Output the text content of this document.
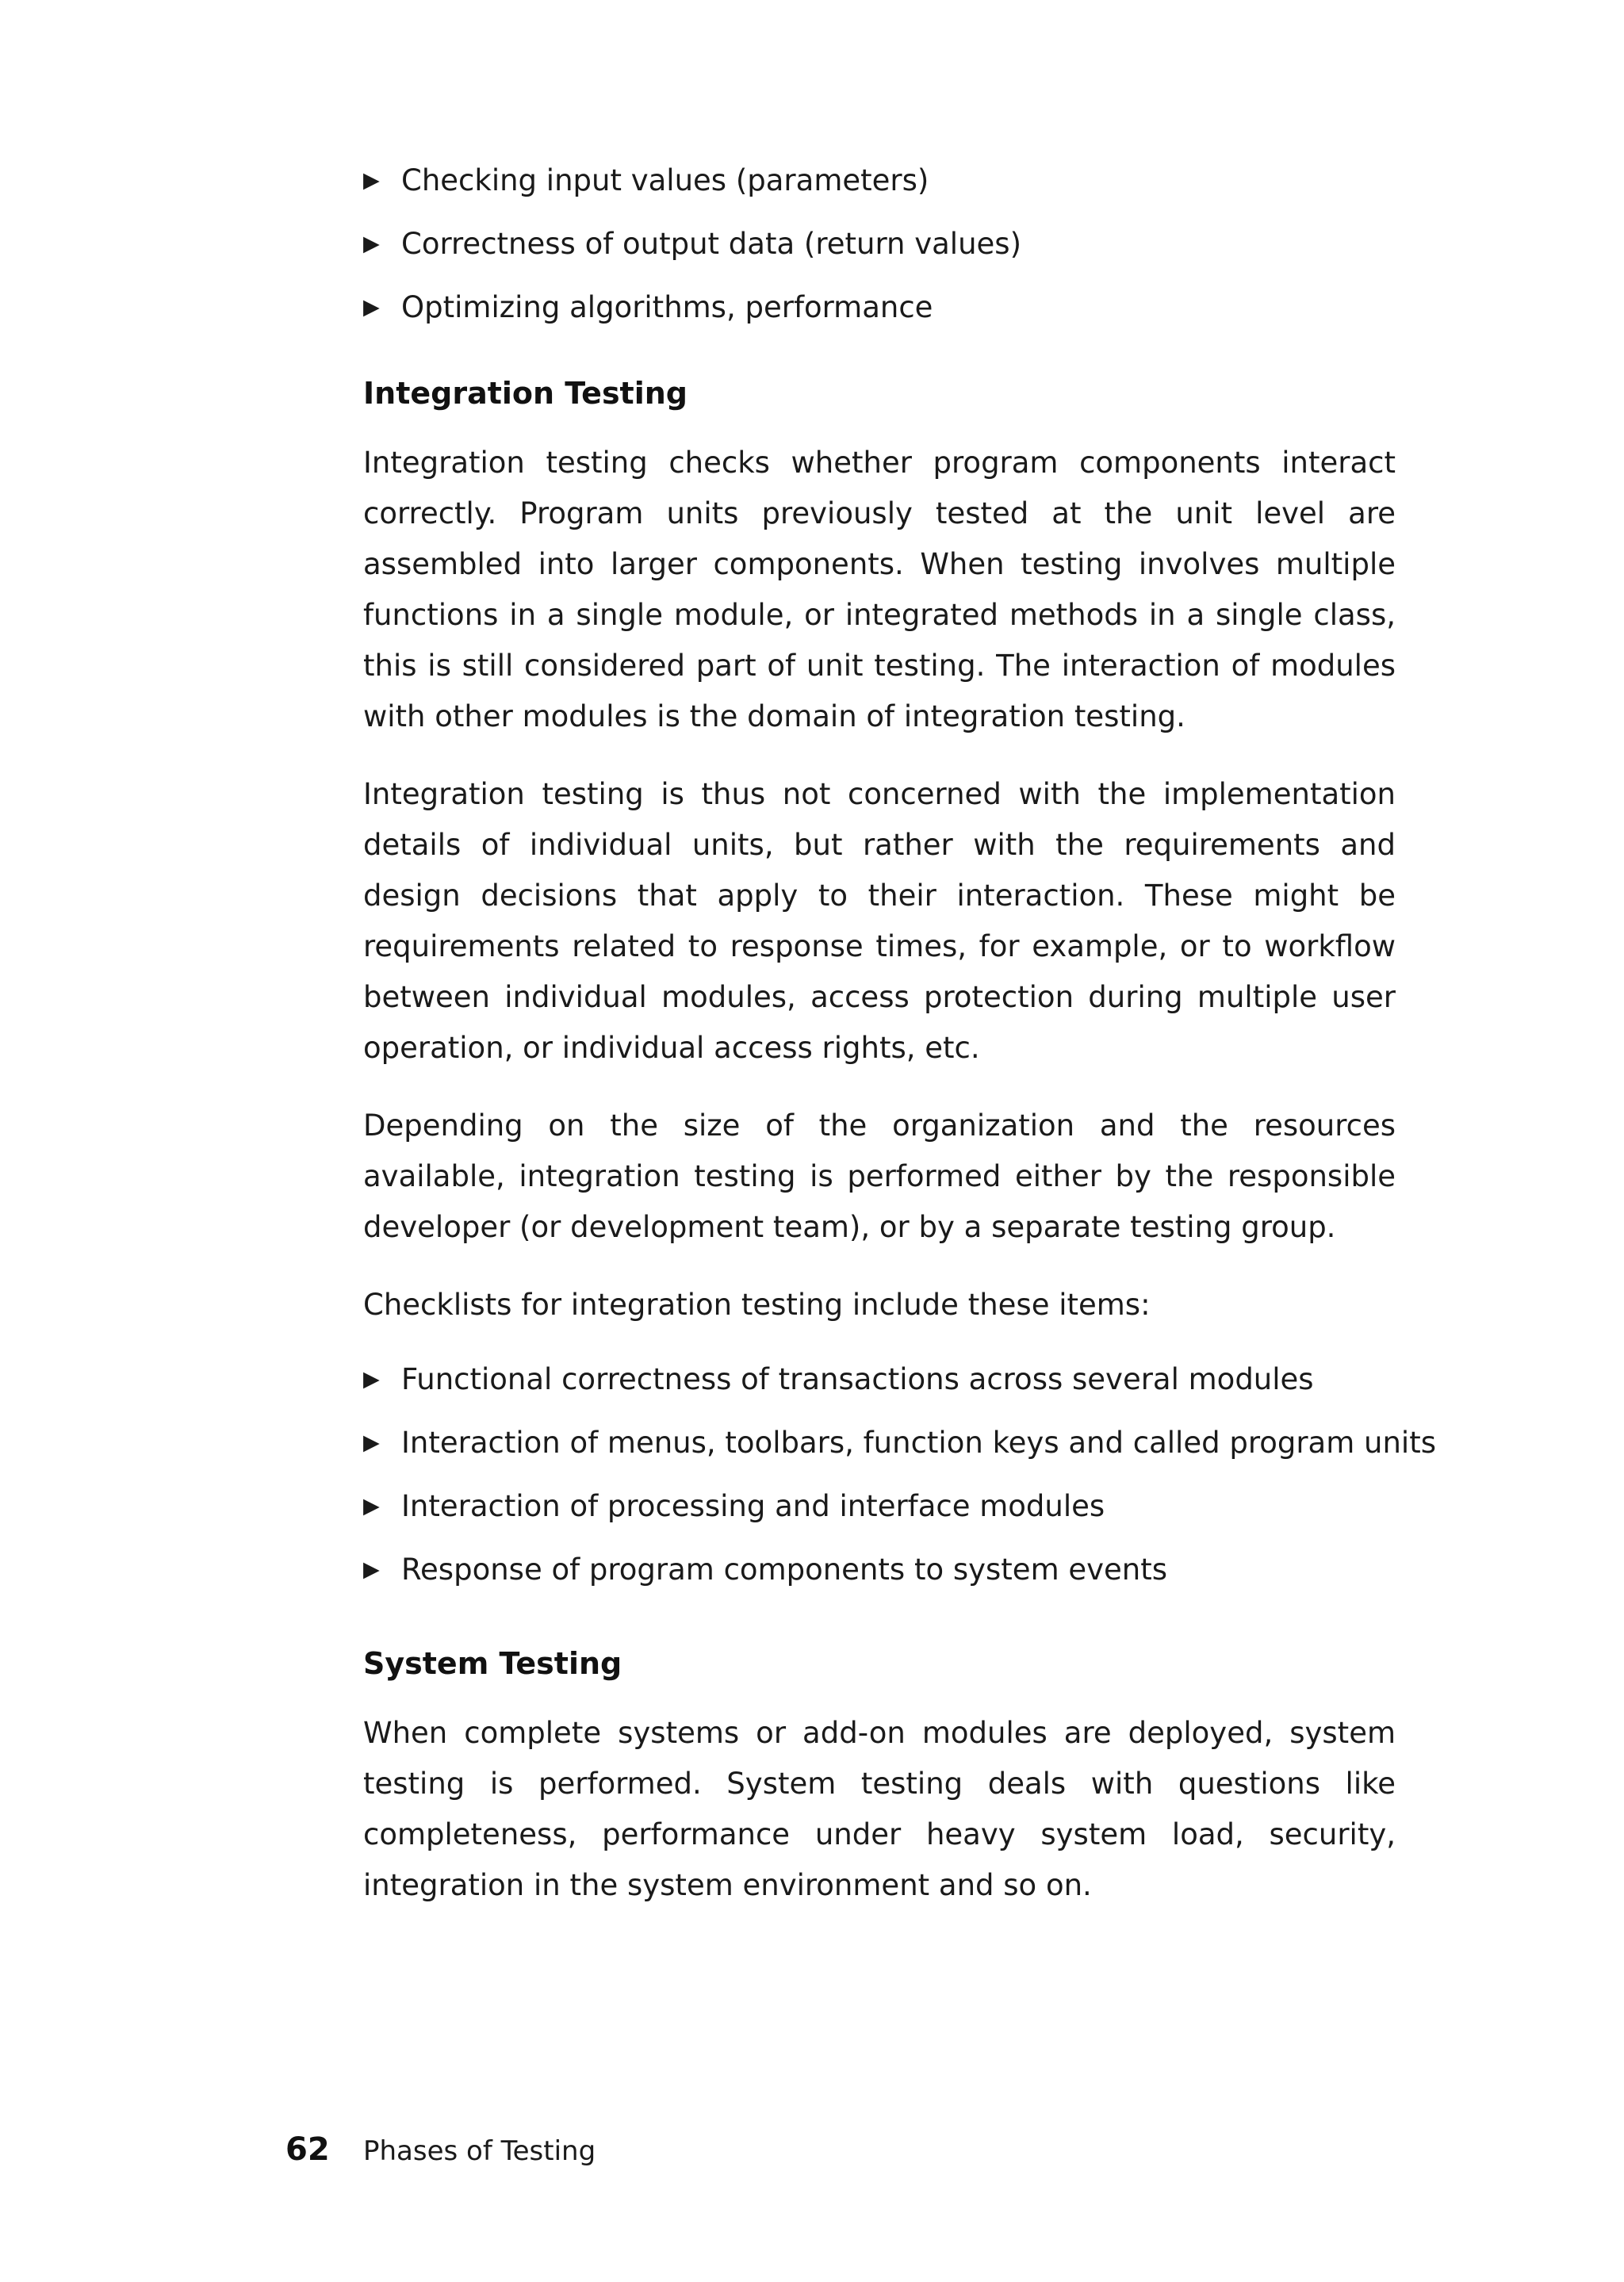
▶ Checking input values (parameters)
▶ Correctness of output data (return values)
▶ Optimizing algorithms, performance
Integration Testing

Integration testing checks whether program components interact correctly. Program units previously tested at the unit level are assembled into larger components. When testing involves multiple functions in a single module, or integrated methods in a single class, this is still considered part of unit testing. The interaction of modules with other modules is the domain of integration testing.

Integration testing is thus not concerned with the implementation details of individual units, but rather with the requirements and design decisions that apply to their interaction. These might be requirements related to response times, for example, or to workflow between individual modules, access protection during multiple user operation, or individual access rights, etc.

Depending on the size of the organization and the resources available, integration testing is performed either by the responsible developer (or development team), or by a separate testing group.

Checklists for integration testing include these items:

▶ Functional correctness of transactions across several modules
▶ Interaction of menus, toolbars, function keys and called program units
▶ Interaction of processing and interface modules
▶ Response of program components to system events
System Testing

When complete systems or add-on modules are deployed, system testing is performed. System testing deals with questions like completeness, performance under heavy system load, security, integration in the system environment and so on.

62	Phases of Testing
